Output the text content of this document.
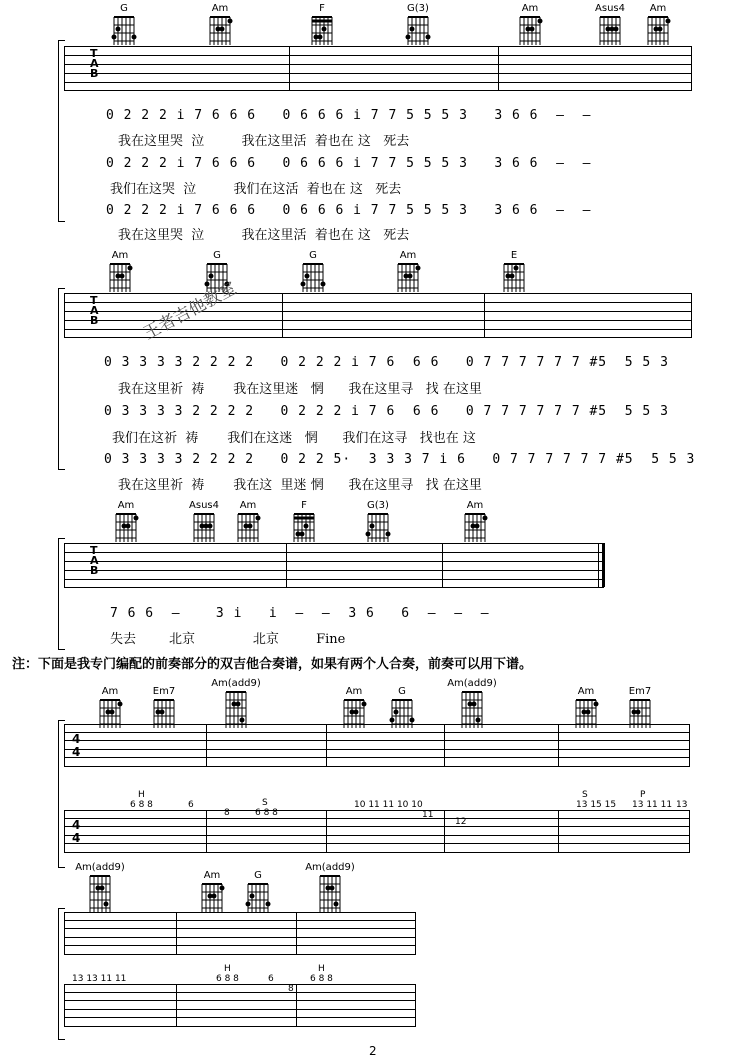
G	Am	F	G(3)	Am	Asus4	Am
T
A
B
0 2 2 2 i 7 6 6 6   0 6 6 6 i 7 7 5 5 5 3   3 6 6  —  —
我在这里哭  泣         我在这里活  着也在 这   死去
0 2 2 2 i 7 6 6 6   0 6 6 6 i 7 7 5 5 5 3   3 6 6  —  —
我们在这哭  泣         我们在这活  着也在 这   死去
0 2 2 2 i 7 6 6 6   0 6 6 6 i 7 7 5 5 5 3   3 6 6  —  —
我在这里哭  泣         我在这里活  着也在 这   死去
Am	G	G	Am	E
T
A
B 王者吉他教室
0 3 3 3 3 2 2 2 2   0 2 2 2 i 7 6  6 6   0 7 7 7 7 7 7 #5  5 5 3
我在这里祈  祷       我在这里迷   惘      我在这里寻   找 在这里
0 3 3 3 3 2 2 2 2   0 2 2 2 i 7 6  6 6   0 7 7 7 7 7 7 #5  5 5 3
我们在这祈  祷       我们在这迷   惘      我们在这寻   找也在 这
0 3 3 3 3 2 2 2 2   0 2 2 5·  3 3 3 7 i 6   0 7 7 7 7 7 7 #5  5 5 3
我在这里祈  祷       我在这  里迷 惘      我在这里寻   找 在这里
Am	Asus4	Am	F	G(3)	Am
T
A
B
7 6 6  —    3 i   i  —  —  3 6   6  —  —  —
失去        北京              北京         Fine
注：下面是我专门编配的前奏部分的双吉他合奏谱，如果有两个人合奏，前奏可以用下谱。
Am	Em7
Am(add9)
Am	G
Am(add9)
Am	Em7
4
4
4
4
H
6 8 8	6
8
S
6 8 8
10 11 11 10 10
11
12
S
13 15 15
P
13 11 11 13
Am(add9)
Am	G
Am(add9)
13 13 11 11
H
6 8 8	6
8
H
6 8 8
2
